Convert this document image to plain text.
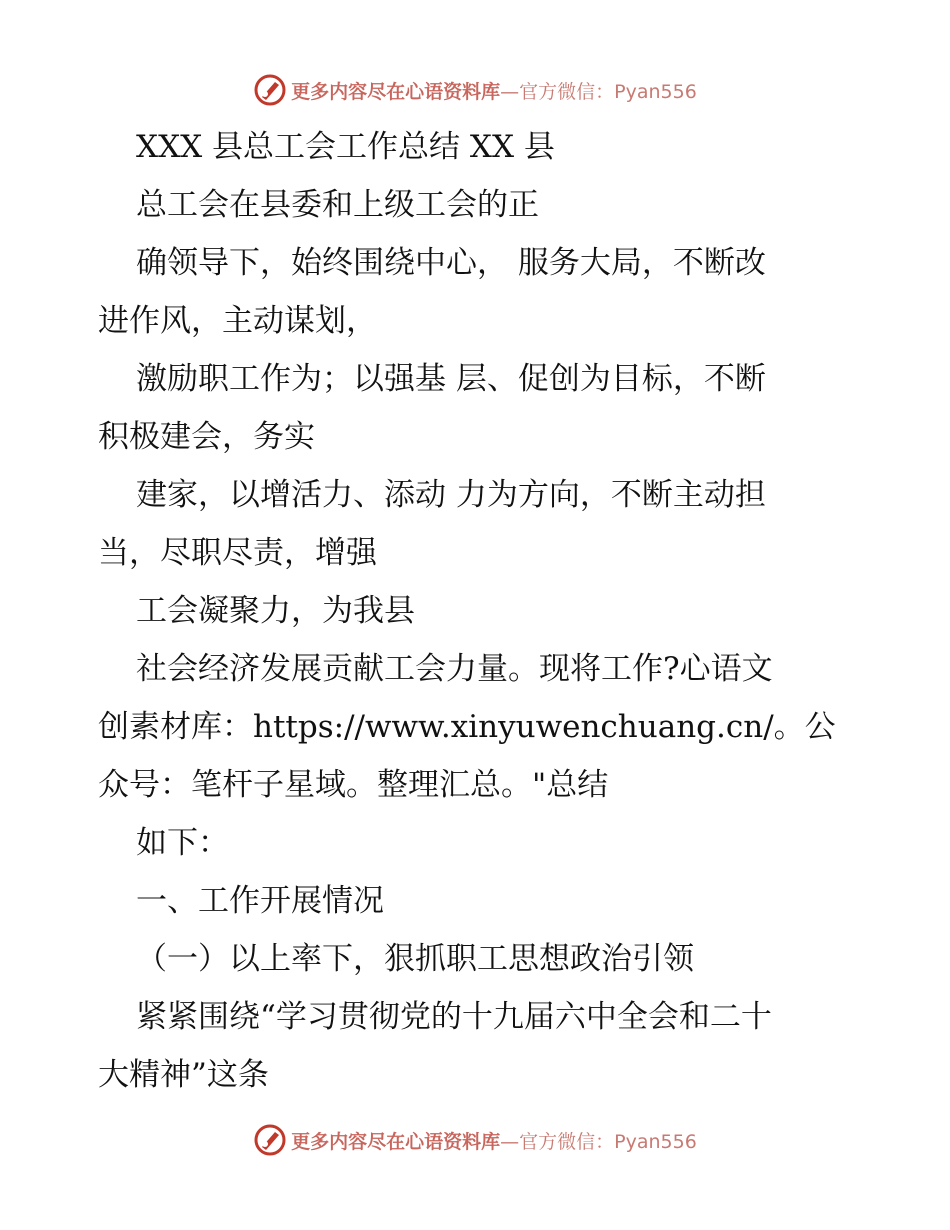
更多内容尽在心语资料库—官方微信：Pyan556

XXX 县总工会工作总结 XX 县

总工会在县委和上级工会的正

确领导下，始终围绕中心， 服务大局，不断改

进作风，主动谋划，

激励职工作为；以强基 层、促创为目标，不断

积极建会，务实

建家，以增活力、添动 力为方向，不断主动担

当，尽职尽责，增强

工会凝聚力，为我县

社会经济发展贡献工会力量。现将工作?心语文

创素材库：https://www.xinyuwenchuang.cn/。公

众号：笔杆子星域。整理汇总。"总结

如下：

一、工作开展情况

（一）以上率下，狠抓职工思想政治引领

紧紧围绕“学习贯彻党的十九届六中全会和二十

大精神”这条

更多内容尽在心语资料库—官方微信：Pyan556
